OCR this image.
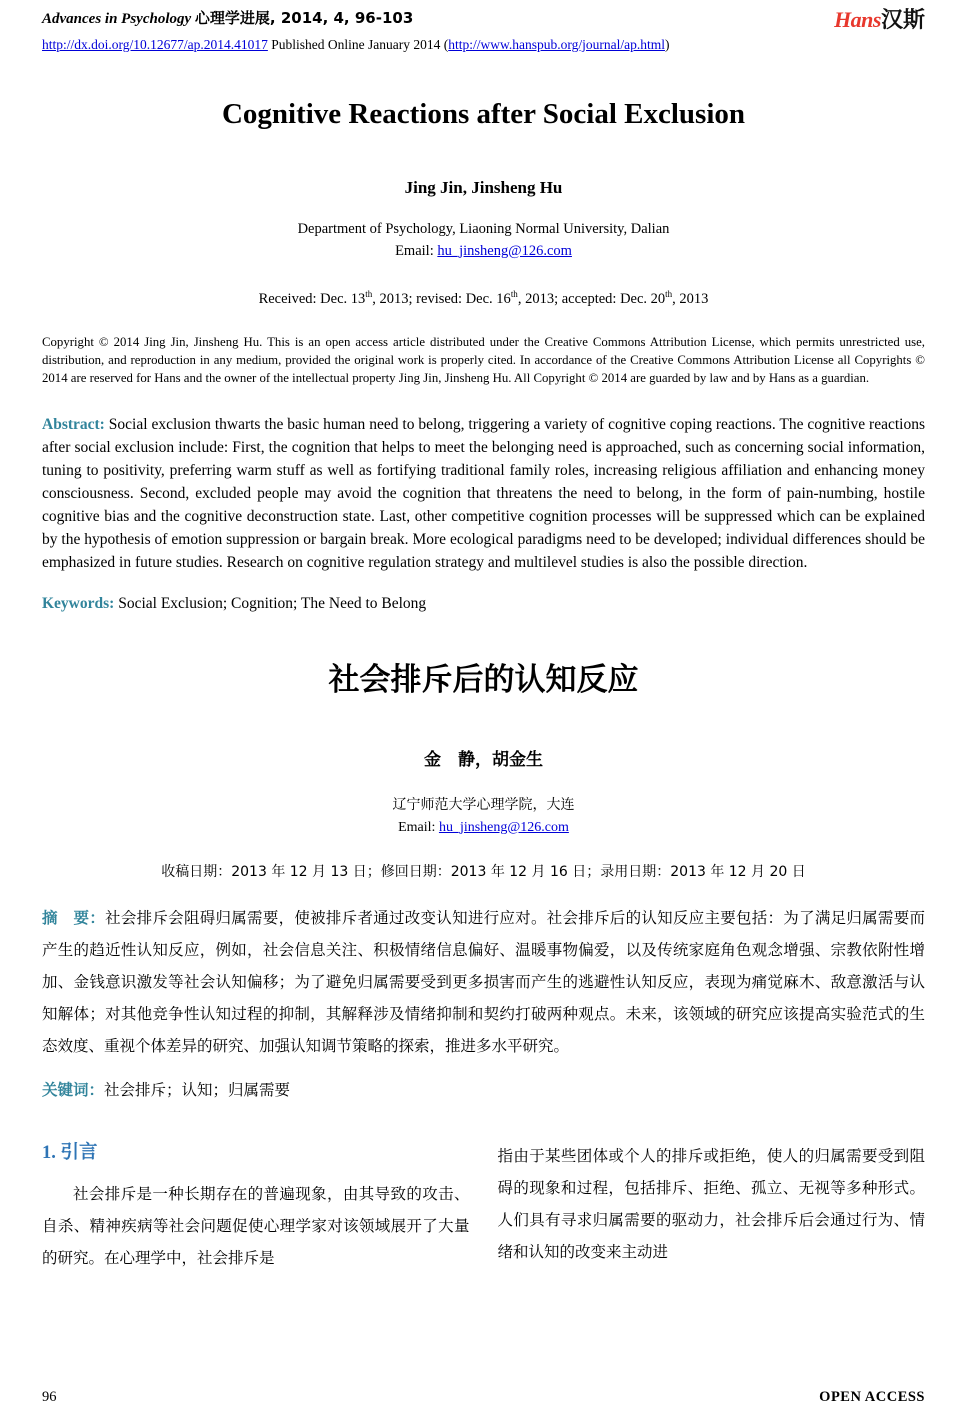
Advances in Psychology 心理学进展, 2014, 4, 96-103	Hans汉斯
http://dx.doi.org/10.12677/ap.2014.41017 Published Online January 2014 (http://www.hanspub.org/journal/ap.html)
Cognitive Reactions after Social Exclusion
Jing Jin, Jinsheng Hu
Department of Psychology, Liaoning Normal University, Dalian
Email: hu_jinsheng@126.com
Received: Dec. 13th, 2013; revised: Dec. 16th, 2013; accepted: Dec. 20th, 2013

Copyright © 2014 Jing Jin, Jinsheng Hu. This is an open access article distributed under the Creative Commons Attribution License, which permits unrestricted use, distribution, and reproduction in any medium, provided the original work is properly cited. In accordance of the Creative Commons Attribution License all Copyrights © 2014 are reserved for Hans and the owner of the intellectual property Jing Jin, Jinsheng Hu. All Copyright © 2014 are guarded by law and by Hans as a guardian.

Abstract: Social exclusion thwarts the basic human need to belong, triggering a variety of cognitive coping reactions. The cognitive reactions after social exclusion include: First, the cognition that helps to meet the belonging need is approached, such as concerning social information, tuning to positivity, preferring warm stuff as well as fortifying traditional family roles, increasing religious affiliation and enhancing money consciousness. Second, excluded people may avoid the cognition that threatens the need to belong, in the form of pain-numbing, hostile cognitive bias and the cognitive deconstruction state. Last, other competitive cognition processes will be suppressed which can be explained by the hypothesis of emotion suppression or bargain break. More ecological paradigms need to be developed; individual differences should be emphasized in future studies. Research on cognitive regulation strategy and multilevel studies is also the possible direction.

Keywords: Social Exclusion; Cognition; The Need to Belong

社会排斥后的认知反应
金　静，胡金生
辽宁师范大学心理学院，大连
Email: hu_jinsheng@126.com
收稿日期：2013 年 12 月 13 日；修回日期：2013 年 12 月 16 日；录用日期：2013 年 12 月 20 日

摘　要：社会排斥会阻碍归属需要，使被排斥者通过改变认知进行应对。社会排斥后的认知反应主要包括：为了满足归属需要而产生的趋近性认知反应，例如，社会信息关注、积极情绪信息偏好、温暖事物偏爱，以及传统家庭角色观念增强、宗教依附性增加、金钱意识激发等社会认知偏移；为了避免归属需要受到更多损害而产生的逃避性认知反应，表现为痛觉麻木、敌意激活与认知解体；对其他竞争性认知过程的抑制，其解释涉及情绪抑制和契约打破两种观点。未来，该领域的研究应该提高实验范式的生态效度、重视个体差异的研究、加强认知调节策略的探索，推进多水平研究。

关键词：社会排斥；认知；归属需要

1. 引言

社会排斥是一种长期存在的普遍现象，由其导致的攻击、自杀、精神疾病等社会问题促使心理学家对该领域展开了大量的研究。在心理学中，社会排斥是

指由于某些团体或个人的排斥或拒绝，使人的归属需要受到阻碍的现象和过程，包括排斥、拒绝、孤立、无视等多种形式。人们具有寻求归属需要的驱动力，社会排斥后会通过行为、情绪和认知的改变来主动进

96	OPEN ACCESS
